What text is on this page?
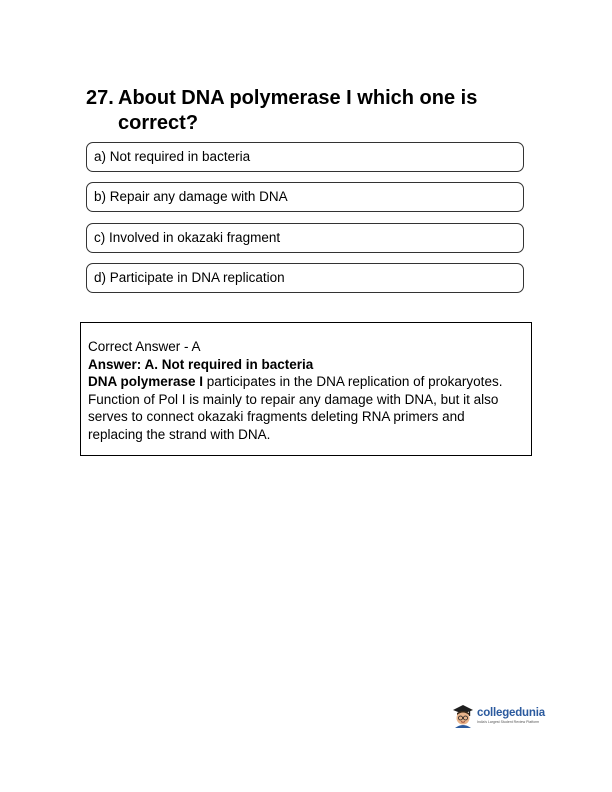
27. About DNA polymerase I which one is correct?
a) Not required in bacteria
b) Repair any damage with DNA
c) Involved in okazaki fragment
d) Participate in DNA replication
Correct Answer - A
Answer: A. Not required in bacteria
DNA polymerase I participates in the DNA replication of prokaryotes. Function of Pol I is mainly to repair any damage with DNA, but it also serves to connect okazaki fragments deleting RNA primers and replacing the strand with DNA.
collegedunia
India's Largest Student Review Platform
